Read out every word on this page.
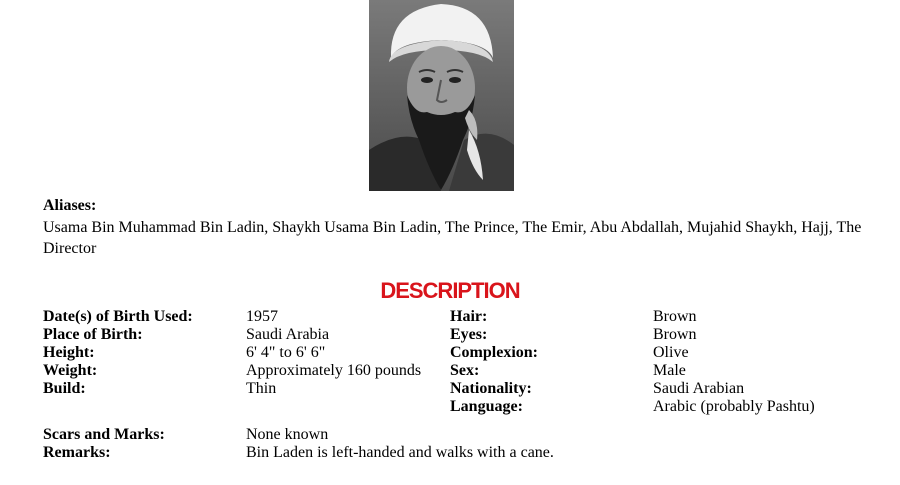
Aliases:
Usama Bin Muhammad Bin Ladin, Shaykh Usama Bin Ladin, The Prince, The Emir, Abu Abdallah, Mujahid Shaykh, Hajj, The Director
DESCRIPTION
Date(s) of Birth Used:	1957
Place of Birth:	Saudi Arabia
Height:	6' 4" to 6' 6"
Weight:	Approximately 160 pounds
Build:	Thin
Hair:	Brown
Eyes:	Brown
Complexion:	Olive
Sex:	Male
Nationality:	Saudi Arabian
Language:	Arabic (probably Pashtu)
Scars and Marks:	None known
Remarks:	Bin Laden is left-handed and walks with a cane.
